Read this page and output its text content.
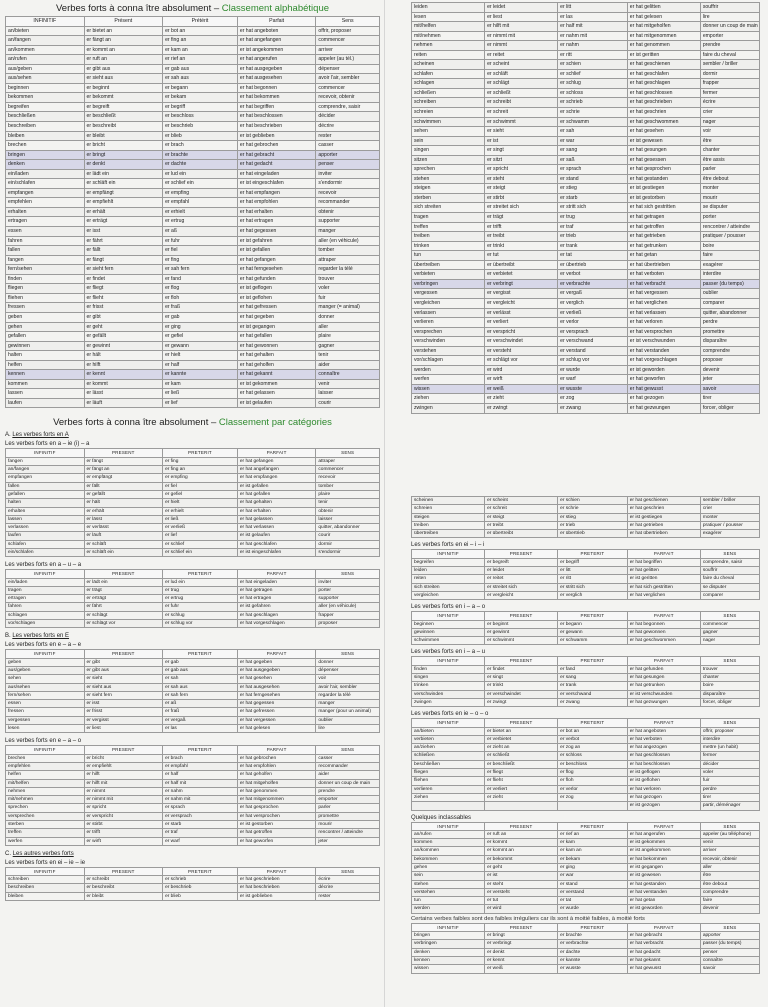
Verbes forts à conna ître absolument – Classement alphabétique
INFINITIF	Présent	Prétérit	Parfait	Sens
an/bieten	er bietet an	er bot an	er hat angeboten	offrir, proposer
an/fangen	er fängt an	er fing an	er hat angefangen	commencer
an/kommen	er kommt an	er kam an	er ist angekommen	arriver
an/rufen	er ruft an	er rief an	er hat angerufen	appeler (au tél.)
aus/geben	er gibt aus	er gab aus	er hat ausgegeben	dépenser
aus/sehen	er sieht aus	er sah aus	er hat ausgesehen	avoir l'air, sembler
beginnen	er beginnt	er begann	er hat begonnen	commencer
bekommen	er bekommt	er bekam	er hat bekommen	recevoir, obtenir
begreifen	er begreift	er begriff	er hat begriffen	comprendre, saisir
beschließen	er beschließt	er beschloss	er hat beschlossen	décider
beschreiben	er beschreibt	er beschrieb	er hat beschrieben	décrire
bleiben	er bleibt	er blieb	er ist geblieben	rester
brechen	er bricht	er brach	er hat gebrochen	casser
bringen	er bringt	er brachte	er hat gebracht	apporter
denken	er denkt	er dachte	er hat gedacht	penser
ein/laden	er lädt ein	er lud ein	er hat eingeladen	inviter
ein/schlafen	er schläft ein	er schlief ein	er ist eingeschlafen	s'endormir
empfangen	er empfängt	er empfing	er hat empfangen	recevoir
empfehlen	er empfiehlt	er empfahl	er hat empfohlen	recommander
erhalten	er erhält	er erhielt	er hat erhalten	obtenir
ertragen	er erträgt	er ertrug	er hat ertragen	supporter
essen	er isst	er aß	er hat gegessen	manger
fahren	er fährt	er fuhr	er ist gefahren	aller (en véhicule)
fallen	er fällt	er fiel	er ist gefallen	tomber
fangen	er fängt	er fing	er hat gefangen	attraper
fern/sehen	er sieht fern	er sah fern	er hat ferngesehen	regarder la télé
finden	er findet	er fand	er hat gefunden	trouver
fliegen	er fliegt	er flog	er ist geflogen	voler
fliehen	er flieht	er floh	er ist geflohen	fuir
fressen	er frisst	er fraß	er hat gefressen	manger (= animal)
geben	er gibt	er gab	er hat gegeben	donner
gehen	er geht	er ging	er ist gegangen	aller
gefallen	er gefällt	er gefiel	er hat gefallen	plaire
gewinnen	er gewinnt	er gewann	er hat gewonnen	gagner
halten	er hält	er hielt	er hat gehalten	tenir
helfen	er hilft	er half	er hat geholfen	aider
kennen	er kennt	er kannte	er hat gekannt	connaître
kommen	er kommt	er kam	er ist gekommen	venir
lassen	er lässt	er ließ	er hat gelassen	laisser
laufen	er läuft	er lief	er ist gelaufen	courir
Verbes forts à conna ître absolument – Classement par catégories
A. Les verbes forts en A
Les verbes forts en a – ie (i) – a
INFINITIF	PRESENT	PRETERIT	PARFAIT	SENS
fangen	er fängt	er fing	er hat gefangen	attraper
an/fangen	er fängt an	er fing an	er hat angefangen	commencer
empfangen	er empfängt	er empfing	er hat empfangen	recevoir
fallen	er fällt	er fiel	er ist gefallen	tomber
gefallen	er gefällt	er gefiel	er hat gefallen	plaire
halten	er hält	er hielt	er hat gehalten	tenir
erhalten	er erhält	er erhielt	er hat erhalten	obtenir
lassen	er lässt	er ließ	er hat gelassen	laisser
verlassen	er verlässt	er verließ	er hat verlassen	quitter, abandonner
laufen	er läuft	er lief	er ist gelaufen	courir
schlafen	er schläft	er schlief	er hat geschlafen	dormir
ein/schlafen	er schläft ein	er schlief ein	er ist eingeschlafen	s'endormir
Les verbes forts en a – u – a
INFINITIF	PRESENT	PRETERIT	PARFAIT	SENS
ein/laden	er lädt ein	er lud ein	er hat eingeladen	inviter
tragen	er trägt	er trug	er hat getragen	porter
ertragen	er erträgt	er ertrug	er hat ertragen	supporter
fahren	er fährt	er fuhr	er ist gefahren	aller (en véhicule)
schlagen	er schlägt	er schlug	er hat geschlagen	frapper
vor/schlagen	er schlägt vor	er schlug vor	er hat vorgeschlagen	proposer
B. Les verbes forts en E
Les verbes forts en e – a – e
INFINITIF	PRESENT	PRETERIT	PARFAIT	SENS
geben	er gibt	er gab	er hat gegeben	donner
aus/geben	er gibt aus	er gab aus	er hat ausgegeben	dépenser
sehen	er sieht	er sah	er hat gesehen	voir
aus/sehen	er sieht aus	er sah aus	er hat ausgesehen	avoir l'air, sembler
fern/sehen	er sieht fern	er sah fern	er hat ferngesehen	regarder la télé
essen	er isst	er aß	er hat gegessen	manger
fressen	er frisst	er fraß	er hat gefressen	manger (pour un animal)
vergessen	er vergisst	er vergaß	er hat vergessen	oublier
lesen	er liest	er las	er hat gelesen	lire
Les verbes forts en e – a – o
INFINITIF	PRESENT	PRETERIT	PARFAIT	SENS
brechen	er bricht	er brach	er hat gebrochen	casser
empfehlen	er empfiehlt	er empfahl	er hat empfohlen	recommander
helfen	er hilft	er half	er hat geholfen	aider
mit/helfen	er hilft mit	er half mit	er hat mitgeholfen	donner un coup de main
nehmen	er nimmt	er nahm	er hat genommen	prendre
mit/nehmen	er nimmt mit	er nahm mit	er hat mitgenommen	emporter
sprechen	er spricht	er sprach	er hat gesprochen	parler
versprechen	er verspricht	er versprach	er hat versprochen	promettre
sterben	er stirbt	er starb	er ist gestorben	mourir
treffen	er trifft	er traf	er hat getroffen	rencontrer / atteindre
werfen	er wirft	er warf	er hat geworfen	jeter
C. Les autres verbes forts
Les verbes forts en ei – ie – ie
INFINITIF	PRESENT	PRETERIT	PARFAIT	SENS
schreiben	er schreibt	er schrieb	er hat geschrieben	écrire
beschreiben	er beschreibt	er beschrieb	er hat beschrieben	décrire
bleiben	er bleibt	er blieb	er ist geblieben	rester
leiden	er leidet	er litt	er hat gelitten	souffrir
lesen	er liest	er las	er hat gelesen	lire
mit/helfen	er hilft mit	er half mit	er hat mitgeholfen	donner un coup de main
mit/nehmen	er nimmt mit	er nahm mit	er hat mitgenommen	emporter
nehmen	er nimmt	er nahm	er hat genommen	prendre
reiten	er reitet	er ritt	er ist geritten	faire du cheval
scheinen	er scheint	er schien	er hat geschienen	sembler / briller
schlafen	er schläft	er schlief	er hat geschlafen	dormir
schlagen	er schlägt	er schlug	er hat geschlagen	frapper
schließen	er schließt	er schloss	er hat geschlossen	fermer
schreiben	er schreibt	er schrieb	er hat geschrieben	écrire
schreien	er schreit	er schrie	er hat geschrien	crier
schwimmen	er schwimmt	er schwamm	er hat geschwommen	nager
sehen	er sieht	er sah	er hat gesehen	voir
sein	er ist	er war	er ist gewesen	être
singen	er singt	er sang	er hat gesungen	chanter
sitzen	er sitzt	er saß	er hat gesessen	être assis
sprechen	er spricht	er sprach	er hat gesprochen	parler
stehen	er steht	er stand	er hat gestanden	être debout
steigen	er steigt	er stieg	er ist gestiegen	monter
sterben	er stirbt	er starb	er ist gestorben	mourir
sich streiten	er streitet sich	er stritt sich	er hat sich gestritten	se disputer
tragen	er trägt	er trug	er hat getragen	porter
treffen	er trifft	er traf	er hat getroffen	rencontrer / atteindre
treiben	er treibt	er trieb	er hat getrieben	pratiquer / pousser
trinken	er trinkt	er trank	er hat getrunken	boire
tun	er tut	er tat	er hat getan	faire
übertreiben	er übertreibt	er übertrieb	er hat übertrieben	exagérer
verbieten	er verbietet	er verbot	er hat verboten	interdire
verbringen	er verbringt	er verbrachte	er hat verbracht	passer (du temps)
vergessen	er vergisst	er vergaß	er hat vergessen	oublier
vergleichen	er vergleicht	er verglich	er hat verglichen	comparer
verlassen	er verlässt	er verließ	er hat verlassen	quitter, abandonner
verlieren	er verliert	er verlor	er hat verloren	perdre
versprechen	er verspricht	er versprach	er hat versprochen	promettre
verschwinden	er verschwindet	er verschwand	er ist verschwunden	disparaître
verstehen	er versteht	er verstand	er hat verstanden	comprendre
vor/schlagen	er schlägt vor	er schlug vor	er hat vorgeschlagen	proposer
werden	er wird	er wurde	er ist geworden	devenir
werfen	er wirft	er warf	er hat geworfen	jeter
wissen	er weiß	er wusste	er hat gewusst	savoir
ziehen	er zieht	er zog	er hat gezogen	tirer
zwingen	er zwingt	er zwang	er hat gezwungen	forcer, obliger
scheinen	er scheint	er schien	er hat geschienen	sembler / briller
schreien	er schreit	er schrie	er hat geschrien	crier
steigen	er steigt	er stieg	er ist gestiegen	monter
treiben	er treibt	er trieb	er hat getrieben	pratiquer / pousser
übertreiben	er übertreibt	er übertrieb	er hat übertrieben	exagérer
Les verbes forts en ei – i – i
INFINITIF	PRESENT	PRETERIT	PARFAIT	SENS
begreifen	er begreift	er begriff	er hat begriffen	comprendre, saisir
leiden	er leidet	er litt	er hat gelitten	souffrir
reiten	er reitet	er ritt	er ist geritten	faire du cheval
sich streiten	er streitet sich	er stritt sich	er hat sich gestritten	se disputer
vergleichen	er vergleicht	er verglich	er hat verglichen	comparer
Les verbes forts en i – a – o
INFINITIF	PRESENT	PRETERIT	PARFAIT	SENS
beginnen	er beginnt	er begann	er hat begonnen	commencer
gewinnen	er gewinnt	er gewann	er hat gewonnen	gagner
schwimmen	er schwimmt	er schwamm	er hat geschwommen	nager
Les verbes forts en i – a – u
INFINITIF	PRESENT	PRETERIT	PARFAIT	SENS
finden	er findet	er fand	er hat gefunden	trouver
singen	er singt	er sang	er hat gesungen	chanter
trinken	er trinkt	er trank	er hat getrunken	boire
verschwinden	er verschwindet	er verschwand	er ist verschwunden	disparaître
zwingen	er zwingt	er zwang	er hat gezwungen	forcer, obliger
Les verbes forts en ie – o – o
INFINITIF	PRESENT	PRETERIT	PARFAIT	SENS
an/bieten	er bietet an	er bot an	er hat angeboten	offrir, proposer
verbieten	er verbietet	er verbot	er hat verboten	interdire
an/ziehen	er zieht an	er zog an	er hat angezogen	mettre (un habit)
schließen	er schließt	er schloss	er hat geschlossen	fermer
beschließen	er beschließt	er beschloss	er hat beschlossen	décider
fliegen	er fliegt	er flog	er ist geflogen	voler
fliehen	er flieht	er floh	er ist geflohen	fuir
verlieren	er verliert	er verlor	er hat verloren	perdre
ziehen	er zieht	er zog	er hat gezogen	tirer
			er ist gezogen	partir, déménager
Quelques inclassables
INFINITIF	PRESENT	PRETERIT	PARFAIT	SENS
an/rufen	er ruft an	er rief an	er hat angerufen	appeler (au téléphone)
kommen	er kommt	er kam	er ist gekommen	venir
an/kommen	er kommt an	er kam an	er ist angekommen	arriver
bekommen	er bekommt	er bekam	er hat bekommen	recevoir, obtenir
gehen	er geht	er ging	er ist gegangen	aller
sein	er ist	er war	er ist gewesen	être
stehen	er steht	er stand	er hat gestanden	être debout
verstehen	er versteht	er verstand	er hat verstanden	comprendre
tun	er tut	er tat	er hat getan	faire
werden	er wird	er wurde	er ist geworden	devenir
Certains verbes faibles sont des faibles irréguliers car ils sont à moitié faibles, à moitié forts
INFINITIF	PRESENT	PRETERIT	PARFAIT	SENS
bringen	er bringt	er brachte	er hat gebracht	apporter
verbringen	er verbringt	er verbrachte	er hat verbracht	passer (du temps)
denken	er denkt	er dachte	er hat gedacht	penser
kennen	er kennt	er kannte	er hat gekannt	connaître
wissen	er weiß	er wusste	er hat gewusst	savoir
